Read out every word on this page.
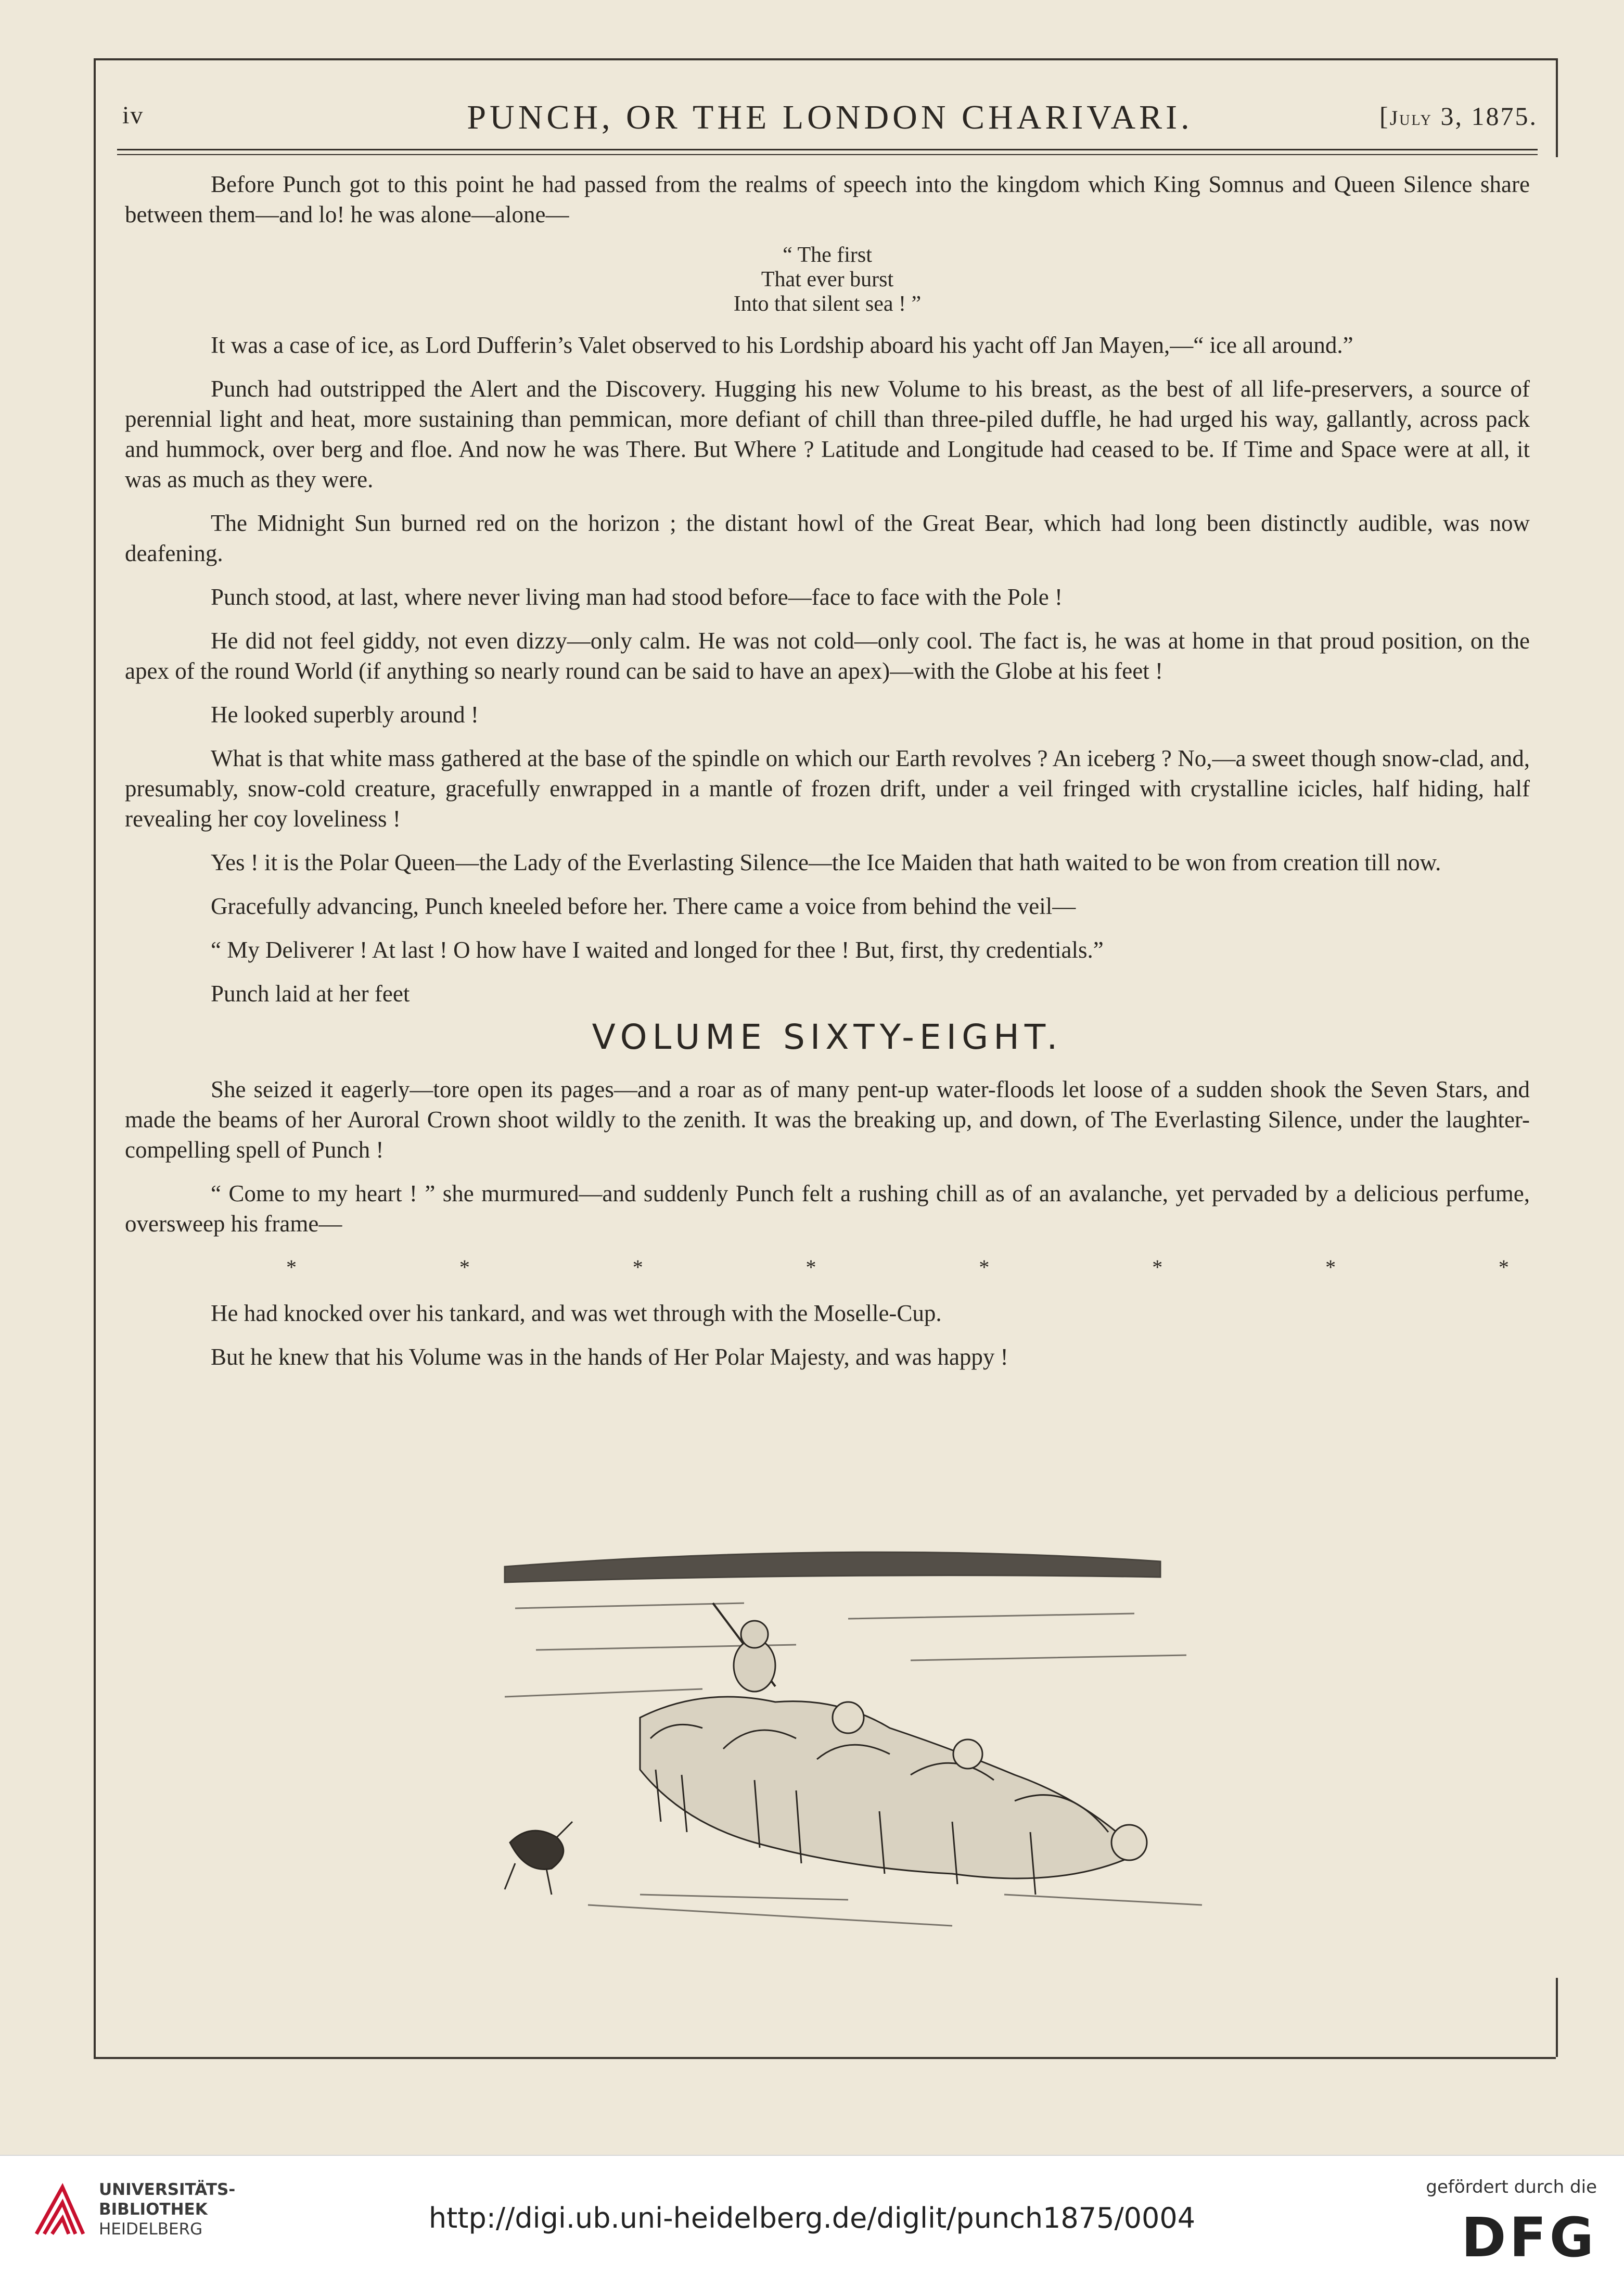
iv	PUNCH, OR THE LONDON CHARIVARI.	[July 3, 1875.

Before Punch got to this point he had passed from the realms of speech into the kingdom which King Somnus and Queen Silence share between them—and lo! he was alone—alone—

“ The first
That ever burst
Into that silent sea ! ”

It was a case of ice, as Lord Dufferin’s Valet observed to his Lordship aboard his yacht off Jan Mayen,—“ ice all around.”

Punch had outstripped the Alert and the Discovery. Hugging his new Volume to his breast, as the best of all life-preservers, a source of perennial light and heat, more sustaining than pemmican, more defiant of chill than three-piled duffle, he had urged his way, gallantly, across pack and hummock, over berg and floe. And now he was There. But Where ? Latitude and Longitude had ceased to be. If Time and Space were at all, it was as much as they were.

The Midnight Sun burned red on the horizon ; the distant howl of the Great Bear, which had long been distinctly audible, was now deafening.

Punch stood, at last, where never living man had stood before—face to face with the Pole !

He did not feel giddy, not even dizzy—only calm. He was not cold—only cool. The fact is, he was at home in that proud position, on the apex of the round World (if anything so nearly round can be said to have an apex)—with the Globe at his feet !

He looked superbly around !

What is that white mass gathered at the base of the spindle on which our Earth revolves ? An iceberg ? No,—a sweet though snow-clad, and, presumably, snow-cold creature, gracefully enwrapped in a mantle of frozen drift, under a veil fringed with crystalline icicles, half hiding, half revealing her coy loveliness !

Yes ! it is the Polar Queen—the Lady of the Everlasting Silence—the Ice Maiden that hath waited to be won from creation till now.

Gracefully advancing, Punch kneeled before her. There came a voice from behind the veil—

“ My Deliverer ! At last ! O how have I waited and longed for thee ! But, first, thy credentials.”

Punch laid at her feet

VOLUME SIXTY-EIGHT.

She seized it eagerly—tore open its pages—and a roar as of many pent-up water-floods let loose of a sudden shook the Seven Stars, and made the beams of her Auroral Crown shoot wildly to the zenith. It was the breaking up, and down, of The Everlasting Silence, under the laughter-compelling spell of Punch !

“ Come to my heart ! ” she murmured—and suddenly Punch felt a rushing chill as of an avalanche, yet pervaded by a delicious perfume, oversweep his frame—

*	*	*	*	*	*	*	*

He had knocked over his tankard, and was wet through with the Moselle-Cup.

But he knew that his Volume was in the hands of Her Polar Majesty, and was happy !

UNIVERSITÄTS-
BIBLIOTHEK
HEIDELBERG	http://digi.ub.uni-heidelberg.de/diglit/punch1875/0004
gefördert durch die
DFG
